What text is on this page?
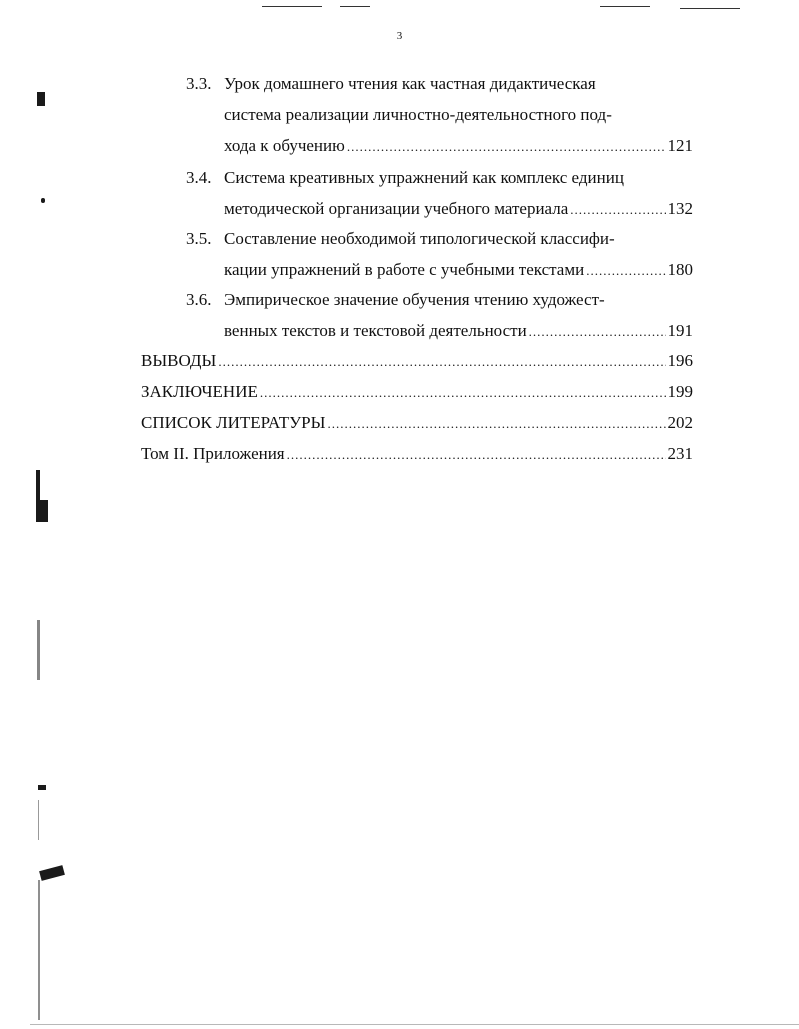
3
3.3. Урок домашнего чтения как частная дидактическая
система реализации личностно-деятельностного под-
хода к обучению .....	121
3.4. Система креативных упражнений как комплекс единиц
методической организации учебного материала .....	132
3.5. Составление необходимой типологической классифи-
кации упражнений в работе с учебными текстами .....	180
3.6. Эмпирическое значение обучения чтению художест-
венных текстов и текстовой деятельности .....	191
ВЫВОДЫ .....	196
ЗАКЛЮЧЕНИЕ .....	199
СПИСОК ЛИТЕРАТУРЫ .....	202
Том II. Приложения .....	231
